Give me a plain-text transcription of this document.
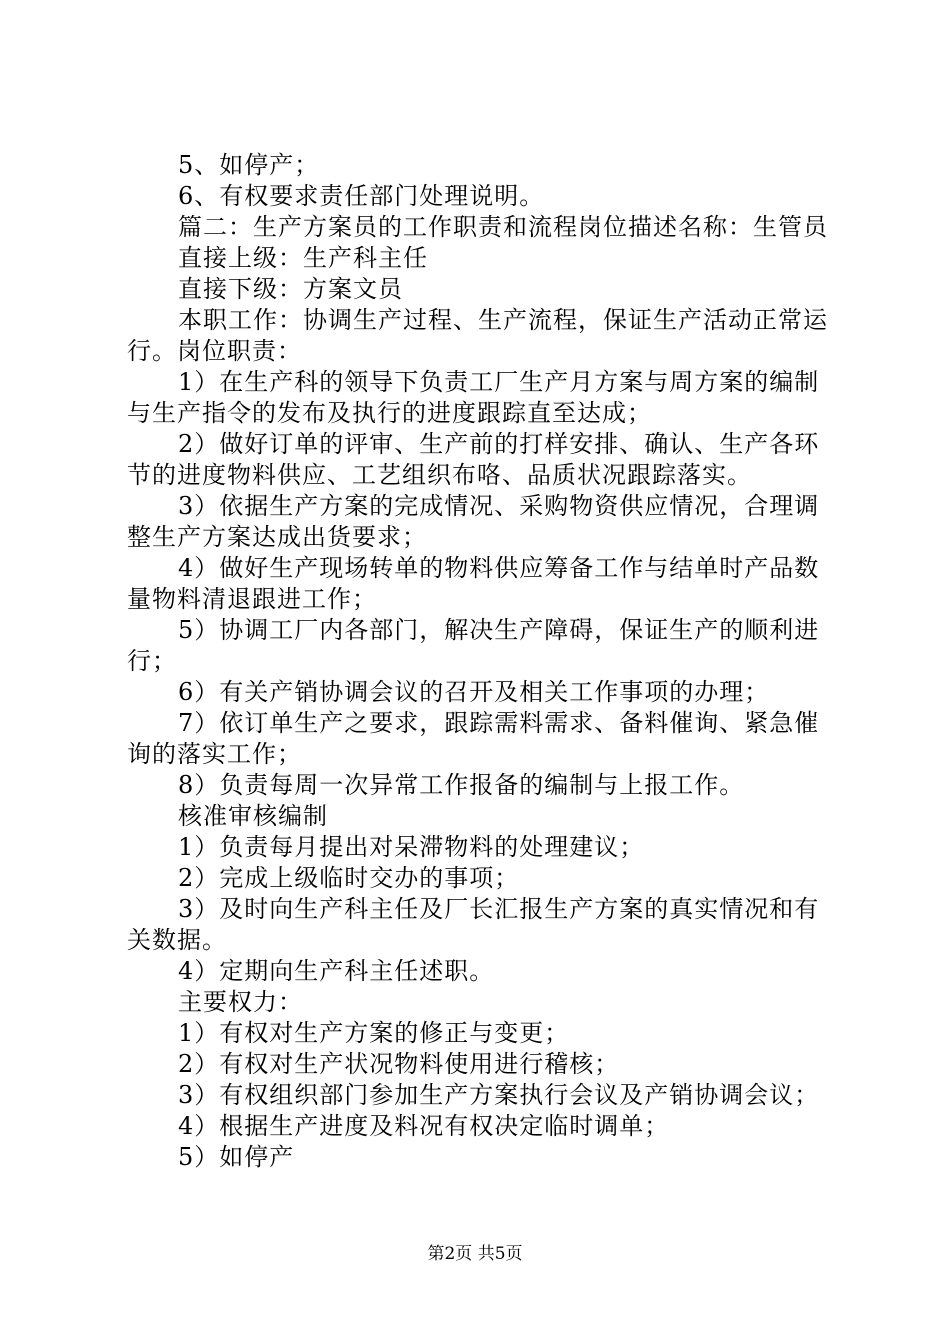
5、如停产；
6、有权要求责任部门处理说明。
篇二：生产方案员的工作职责和流程岗位描述名称：生管员
直接上级：生产科主任
直接下级：方案文员
本职工作：协调生产过程、生产流程，保证生产活动正常运
行。岗位职责：
1）在生产科的领导下负责工厂生产月方案与周方案的编制
与生产指令的发布及执行的进度跟踪直至达成；
2）做好订单的评审、生产前的打样安排、确认、生产各环
节的进度物料供应、工艺组织布咯、品质状况跟踪落实。
3）依据生产方案的完成情况、采购物资供应情况，合理调
整生产方案达成出货要求；
4）做好生产现场转单的物料供应筹备工作与结单时产品数
量物料清退跟进工作；
5）协调工厂内各部门，解决生产障碍，保证生产的顺利进
行；
6）有关产销协调会议的召开及相关工作事项的办理；
7）依订单生产之要求，跟踪需料需求、备料催询、紧急催
询的落实工作；
8）负责每周一次异常工作报备的编制与上报工作。
核准审核编制
1）负责每月提出对呆滞物料的处理建议；
2）完成上级临时交办的事项；
3）及时向生产科主任及厂长汇报生产方案的真实情况和有
关数据。
4）定期向生产科主任述职。
主要权力：
1）有权对生产方案的修正与变更；
2）有权对生产状况物料使用进行稽核；
3）有权组织部门参加生产方案执行会议及产销协调会议；
4）根据生产进度及料况有权决定临时调单；
5）如停产
第2页 共5页
